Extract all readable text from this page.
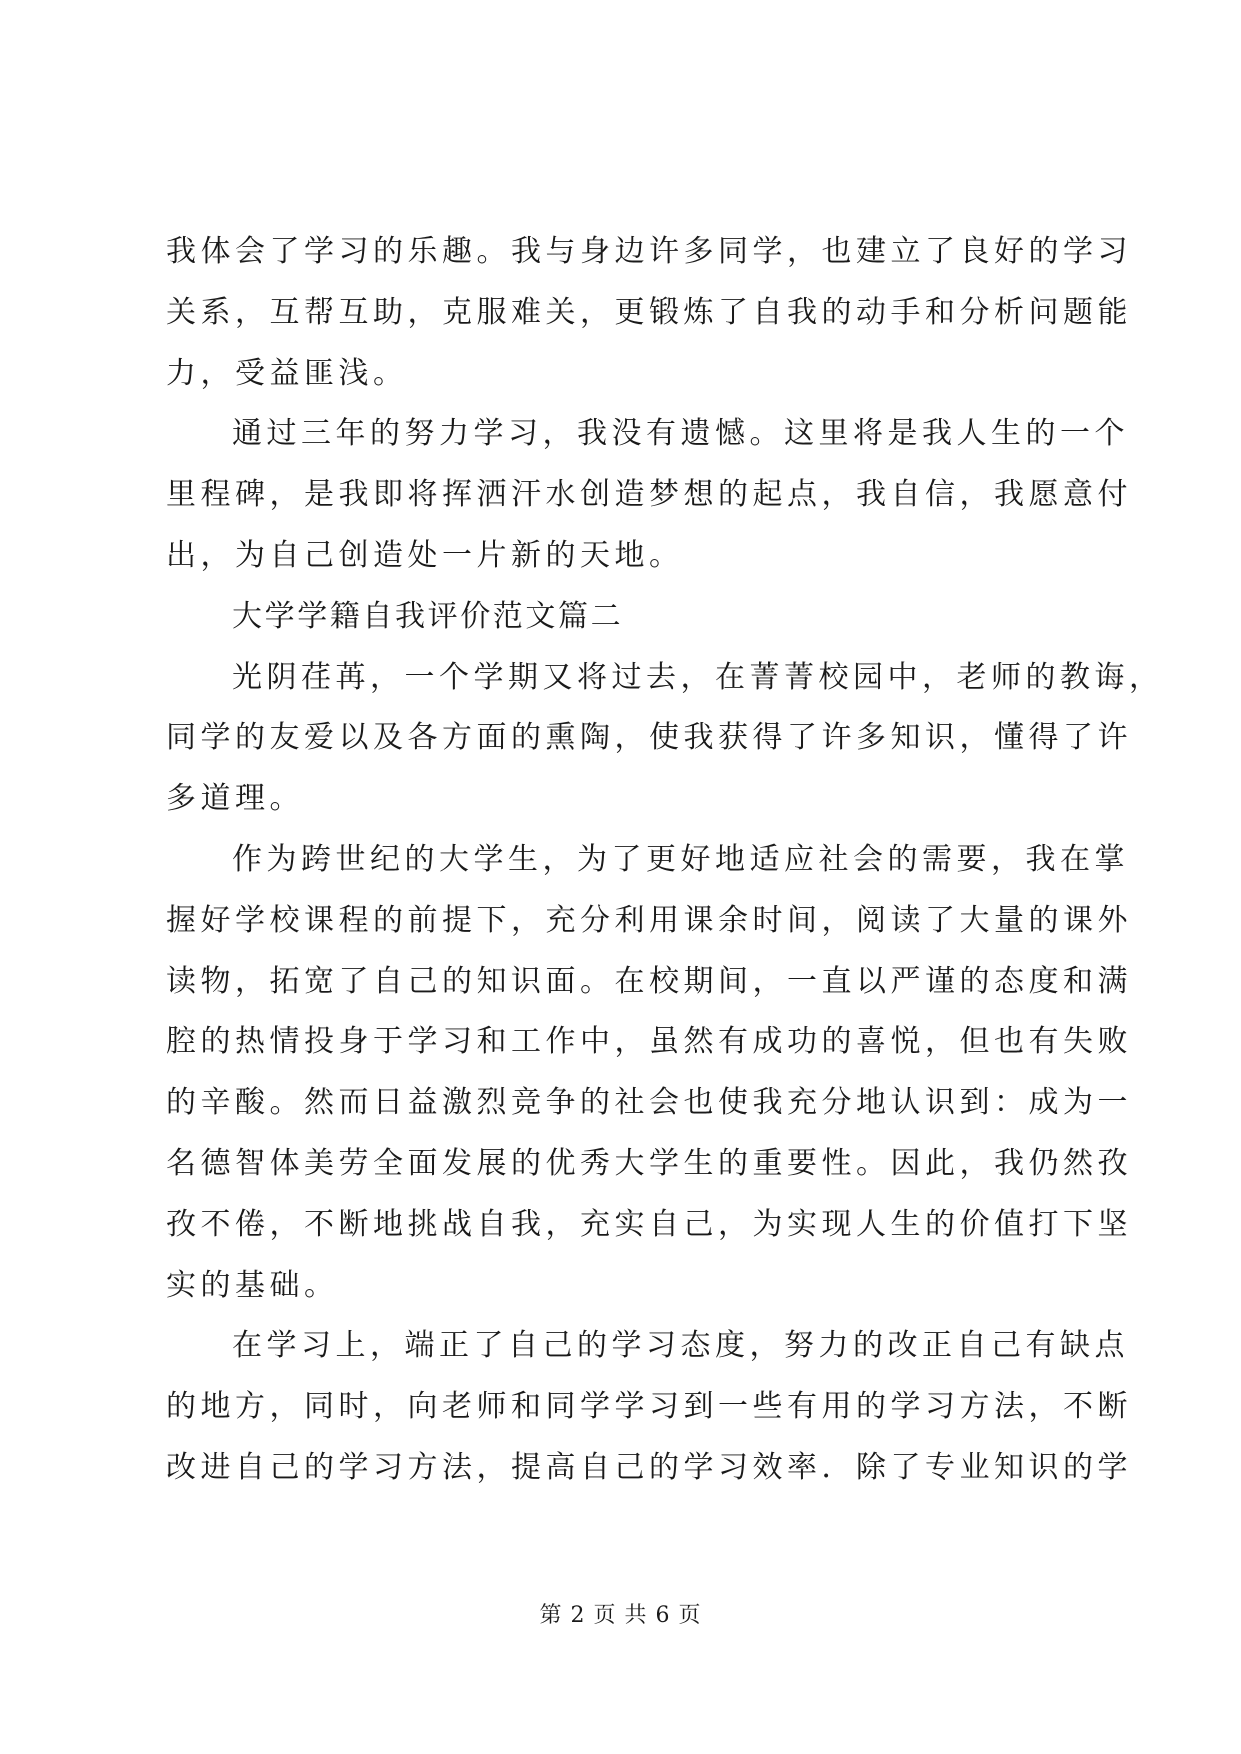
我体会了学习的乐趣。我与身边许多同学，也建立了良好的学习
关系，互帮互助，克服难关，更锻炼了自我的动手和分析问题能
力，受益匪浅。
通过三年的努力学习，我没有遗憾。这里将是我人生的一个
里程碑，是我即将挥洒汗水创造梦想的起点，我自信，我愿意付
出，为自己创造处一片新的天地。
大学学籍自我评价范文篇二
光阴荏苒，一个学期又将过去，在菁菁校园中，老师的教诲，
同学的友爱以及各方面的熏陶，使我获得了许多知识，懂得了许
多道理。
作为跨世纪的大学生，为了更好地适应社会的需要，我在掌
握好学校课程的前提下，充分利用课余时间，阅读了大量的课外
读物，拓宽了自己的知识面。在校期间，一直以严谨的态度和满
腔的热情投身于学习和工作中，虽然有成功的喜悦，但也有失败
的辛酸。然而日益激烈竞争的社会也使我充分地认识到：成为一
名德智体美劳全面发展的优秀大学生的重要性。因此，我仍然孜
孜不倦，不断地挑战自我，充实自己，为实现人生的价值打下坚
实的基础。
在学习上，端正了自己的学习态度，努力的改正自己有缺点
的地方，同时，向老师和同学学习到一些有用的学习方法，不断
改进自己的学习方法，提高自己的学习效率．除了专业知识的学
第 2 页 共 6 页
